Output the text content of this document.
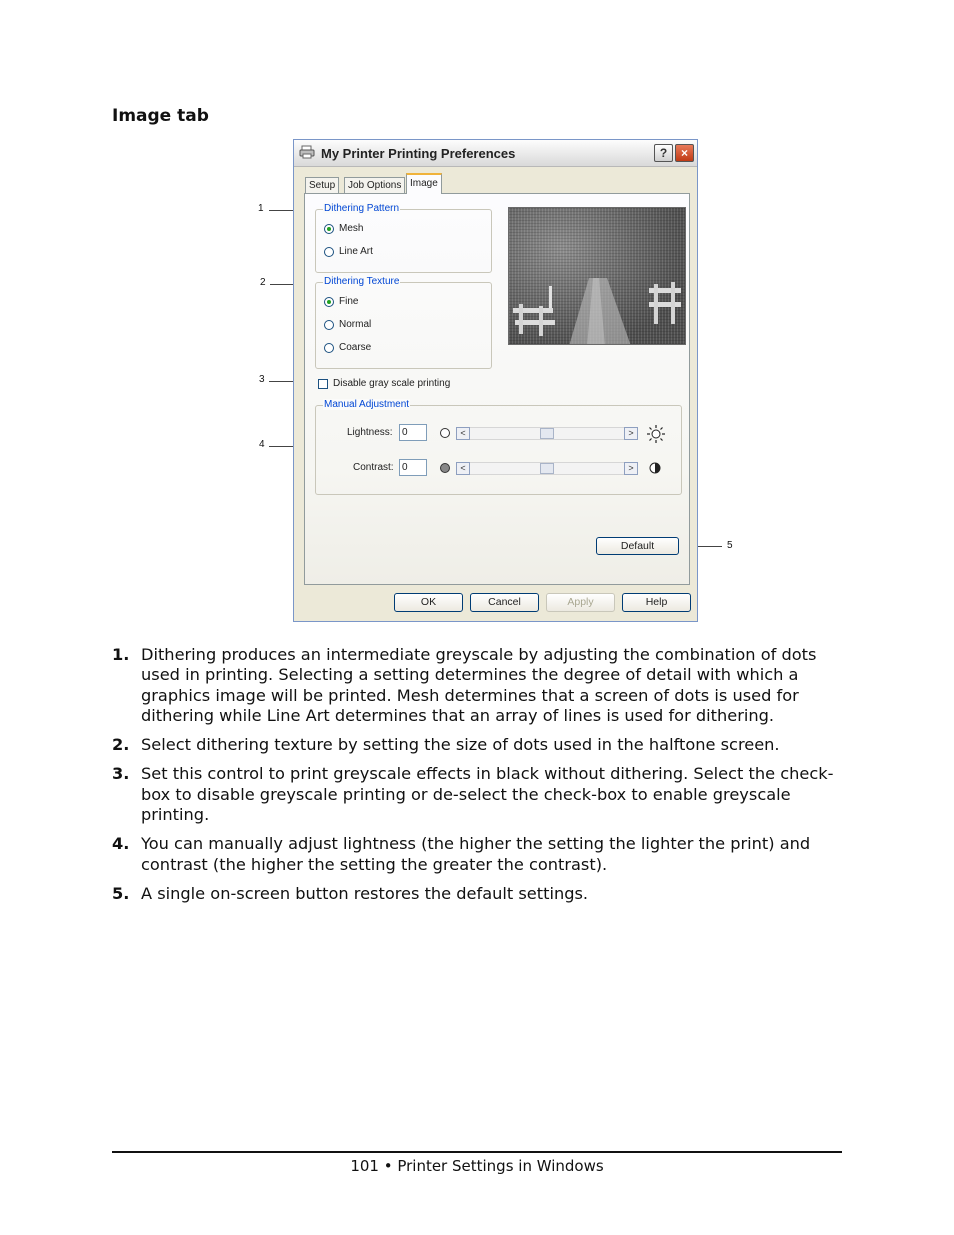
Image tab
1
2
3
4
5
My Printer Printing Preferences	?	×
Setup	Job Options Image
Dithering Pattern
Mesh
Line Art
Dithering Texture
Fine
Normal
Coarse
Disable gray scale printing
Manual Adjustment
Lightness: 0	<	>
Contrast: 0	<	>
Default
OK	Cancel	Apply	Help
1. Dithering produces an intermediate greyscale by adjusting the combination of dots used in printing. Selecting a setting determines the degree of detail with which a graphics image will be printed. Mesh determines that a screen of dots is used for dithering while Line Art determines that an array of lines is used for dithering.
2. Select dithering texture by setting the size of dots used in the halftone screen.
3. Set this control to print greyscale effects in black without dithering. Select the check-box to disable greyscale printing or de-select the check-box to enable greyscale printing.
4. You can manually adjust lightness (the higher the setting the lighter the print) and contrast (the higher the setting the greater the contrast).
5. A single on-screen button restores the default settings.
101 • Printer Settings in Windows
